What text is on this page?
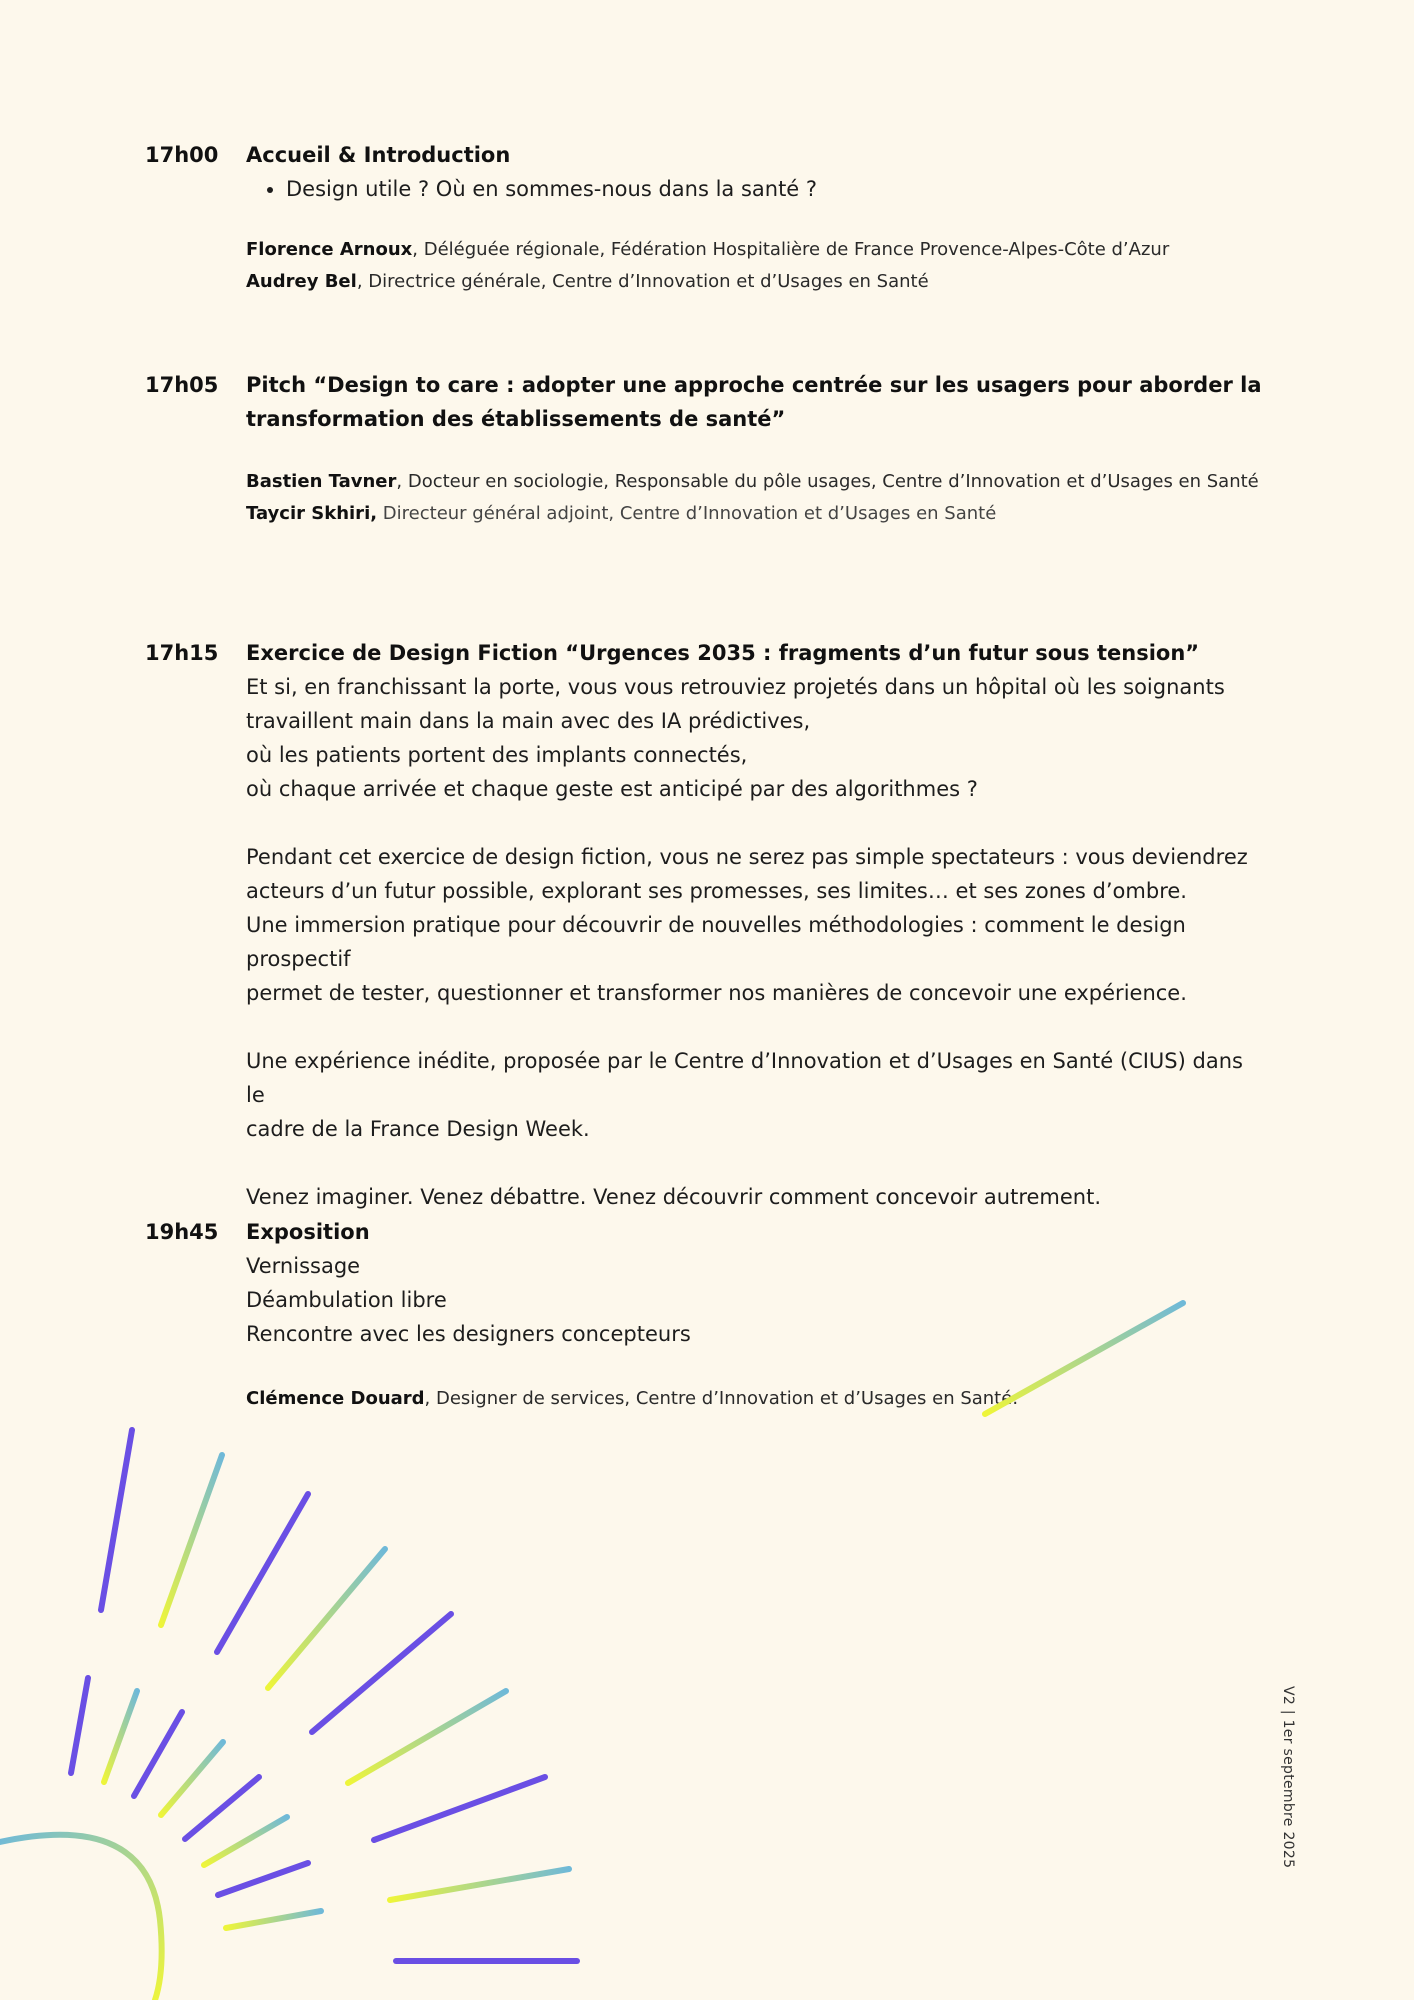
17h00 Accueil & Introduction
• Design utile ? Où en sommes-nous dans la santé ?
Florence Arnoux, Déléguée régionale, Fédération Hospitalière de France Provence-Alpes-Côte d’Azur
Audrey Bel, Directrice générale, Centre d’Innovation et d’Usages en Santé
17h05 Pitch “Design to care : adopter une approche centrée sur les usagers pour aborder la
transformation des établissements de santé”
Bastien Tavner, Docteur en sociologie, Responsable du pôle usages, Centre d’Innovation et d’Usages en Santé
Taycir Skhiri, Directeur général adjoint, Centre d’Innovation et d’Usages en Santé
17h15 Exercice de Design Fiction “Urgences 2035 : fragments d’un futur sous tension”

Et si, en franchissant la porte, vous vous retrouviez projetés dans un hôpital où les soignants

travaillent main dans la main avec des IA prédictives,

où les patients portent des implants connectés,

où chaque arrivée et chaque geste est anticipé par des algorithmes ?

Pendant cet exercice de design fiction, vous ne serez pas simple spectateurs : vous deviendrez

acteurs d’un futur possible, explorant ses promesses, ses limites… et ses zones d’ombre.

Une immersion pratique pour découvrir de nouvelles méthodologies : comment le design prospectif

permet de tester, questionner et transformer nos manières de concevoir une expérience.

Une expérience inédite, proposée par le Centre d’Innovation et d’Usages en Santé (CIUS) dans le

cadre de la France Design Week.

Venez imaginer. Venez débattre. Venez découvrir comment concevoir autrement.

19h45 Exposition

Vernissage

Déambulation libre

Rencontre avec les designers concepteurs

Clémence Douard, Designer de services, Centre d’Innovation et d’Usages en Santé.
V2 | 1er septembre 2025
